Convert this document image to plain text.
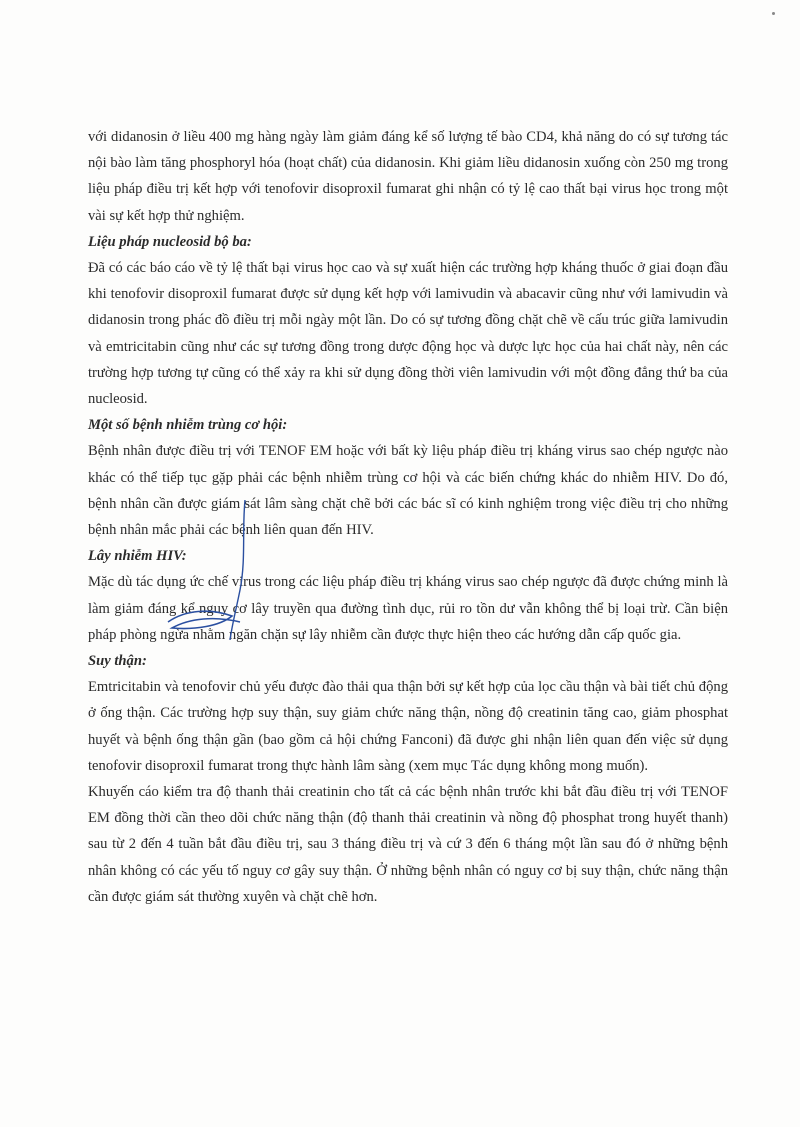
với didanosin ở liều 400 mg hàng ngày làm giảm đáng kể số lượng tế bào CD4, khả năng do có sự tương tác nội bào làm tăng phosphoryl hóa (hoạt chất) của didanosin. Khi giảm liều didanosin xuống còn 250 mg trong liệu pháp điều trị kết hợp với tenofovir disoproxil fumarat ghi nhận có tỷ lệ cao thất bại virus học trong một vài sự kết hợp thử nghiệm.

Liệu pháp nucleosid bộ ba:

Đã có các báo cáo về tỷ lệ thất bại virus học cao và sự xuất hiện các trường hợp kháng thuốc ở giai đoạn đầu khi tenofovir disoproxil fumarat được sử dụng kết hợp với lamivudin và abacavir cũng như với lamivudin và didanosin trong phác đồ điều trị mỗi ngày một lần. Do có sự tương đồng chặt chẽ về cấu trúc giữa lamivudin và emtricitabin cũng như các sự tương đồng trong dược động học và dược lực học của hai chất này, nên các trường hợp tương tự cũng có thể xảy ra khi sử dụng đồng thời viên lamivudin với một đồng đẳng thứ ba của nucleosid.

Một số bệnh nhiễm trùng cơ hội:

Bệnh nhân được điều trị với TENOF EM hoặc với bất kỳ liệu pháp điều trị kháng virus sao chép ngược nào khác có thể tiếp tục gặp phải các bệnh nhiễm trùng cơ hội và các biến chứng khác do nhiễm HIV. Do đó, bệnh nhân cần được giám sát lâm sàng chặt chẽ bởi các bác sĩ có kinh nghiệm trong việc điều trị cho những bệnh nhân mắc phải các bệnh liên quan đến HIV.

Lây nhiễm HIV:

Mặc dù tác dụng ức chế virus trong các liệu pháp điều trị kháng virus sao chép ngược đã được chứng minh là làm giảm đáng kể nguy cơ lây truyền qua đường tình dục, rủi ro tồn dư vẫn không thể bị loại trừ. Cần biện pháp phòng ngừa nhằm ngăn chặn sự lây nhiễm cần được thực hiện theo các hướng dẫn cấp quốc gia.

Suy thận:

Emtricitabin và tenofovir chủ yếu được đào thải qua thận bởi sự kết hợp của lọc cầu thận và bài tiết chủ động ở ống thận. Các trường hợp suy thận, suy giảm chức năng thận, nồng độ creatinin tăng cao, giảm phosphat huyết và bệnh ống thận gần (bao gồm cả hội chứng Fanconi) đã được ghi nhận liên quan đến việc sử dụng tenofovir disoproxil fumarat trong thực hành lâm sàng (xem mục Tác dụng không mong muốn).

Khuyến cáo kiểm tra độ thanh thải creatinin cho tất cả các bệnh nhân trước khi bắt đầu điều trị với TENOF EM đồng thời cần theo dõi chức năng thận (độ thanh thải creatinin và nồng độ phosphat trong huyết thanh) sau từ 2 đến 4 tuần bắt đầu điều trị, sau 3 tháng điều trị và cứ 3 đến 6 tháng một lần sau đó ở những bệnh nhân không có các yếu tố nguy cơ gây suy thận. Ở những bệnh nhân có nguy cơ bị suy thận, chức năng thận cần được giám sát thường xuyên và chặt chẽ hơn.
